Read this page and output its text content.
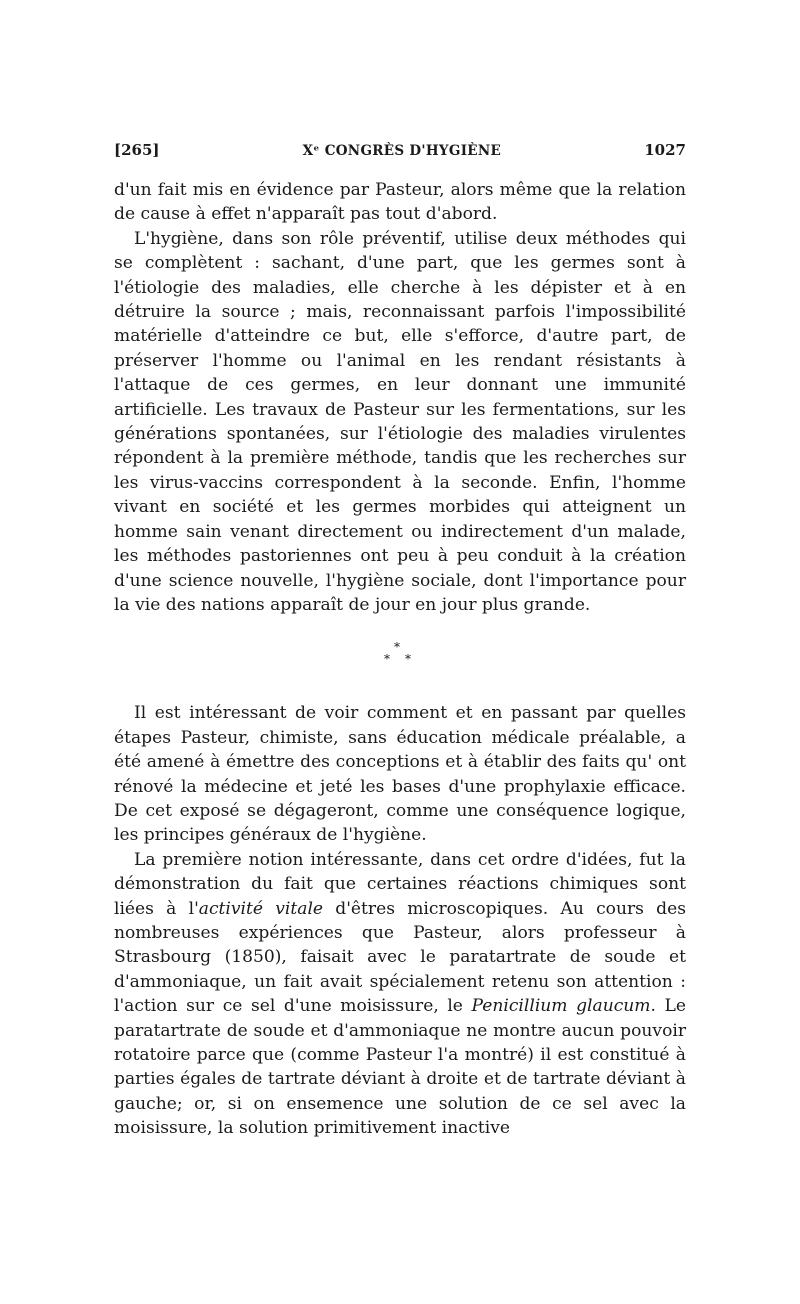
[265]	Xᵉ CONGRÈS D'HYGIÈNE	1027

d'un fait mis en évidence par Pasteur, alors même que la relation de cause à effet n'apparaît pas tout d'abord.

L'hygiène, dans son rôle préventif, utilise deux méthodes qui se complètent : sachant, d'une part, que les germes sont à l'étiologie des maladies, elle cherche à les dépister et à en détruire la source ; mais, reconnaissant parfois l'impossibilité matérielle d'atteindre ce but, elle s'efforce, d'autre part, de préserver l'homme ou l'animal en les rendant résistants à l'attaque de ces germes, en leur donnant une immunité artificielle. Les travaux de Pasteur sur les fermentations, sur les générations spontanées, sur l'étiologie des maladies virulentes répondent à la première méthode, tandis que les recherches sur les virus-vaccins correspondent à la seconde. Enfin, l'homme vivant en société et les germes morbides qui atteignent un homme sain venant directement ou indirectement d'un malade, les méthodes pastoriennes ont peu à peu conduit à la création d'une science nouvelle, l'hygiène sociale, dont l'importance pour la vie des nations apparaît de jour en jour plus grande.

*
* *

Il est intéressant de voir comment et en passant par quelles étapes Pasteur, chimiste, sans éducation médicale préalable, a été amené à émettre des conceptions et à établir des faits qu' ont rénové la médecine et jeté les bases d'une prophylaxie efficace. De cet exposé se dégageront, comme une conséquence logique, les principes généraux de l'hygiène.

La première notion intéressante, dans cet ordre d'idées, fut la démonstration du fait que certaines réactions chimiques sont liées à l'activité vitale d'êtres microscopiques. Au cours des nombreuses expériences que Pasteur, alors professeur à Strasbourg (1850), faisait avec le paratartrate de soude et d'ammoniaque, un fait avait spécialement retenu son attention : l'action sur ce sel d'une moisissure, le Penicillium glaucum. Le paratartrate de soude et d'ammoniaque ne montre aucun pouvoir rotatoire parce que (comme Pasteur l'a montré) il est constitué à parties égales de tartrate déviant à droite et de tartrate déviant à gauche; or, si on ensemence une solution de ce sel avec la moisissure, la solution primitivement inactive
